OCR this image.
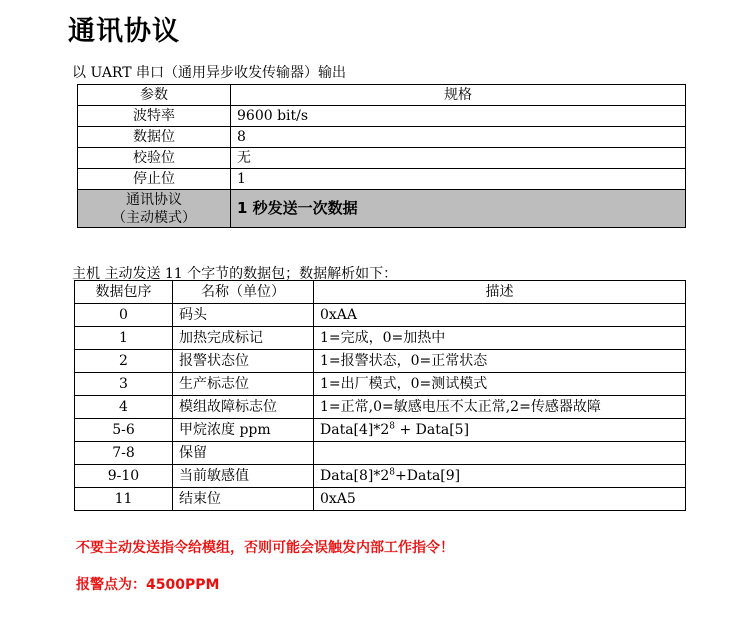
通讯协议
以 UART 串口（通用异步收发传输器）输出
参数	规格
波特率	9600 bit/s
数据位	8
校验位	无
停止位	1

通讯协议
（主动模式）	1 秒发送一次数据
主机 主动发送 11 个字节的数据包；数据解析如下：
数据包序	名称（单位）	描述
0	码头	0xAA
1	加热完成标记	1=完成，0=加热中
2	报警状态位	1=报警状态，0=正常状态
3	生产标志位	1=出厂模式，0=测试模式
4	模组故障标志位	1=正常,0=敏感电压不太正常,2=传感器故障
5-6	甲烷浓度 ppm	$Data[4]*2^8$ + Data[5]
7-8	保留	
9-10	当前敏感值	$Data[8]*2^8+Data[9]$
11	结束位	0xA5
不要主动发送指令给模组，否则可能会误触发内部工作指令！
报警点为：4500PPM
